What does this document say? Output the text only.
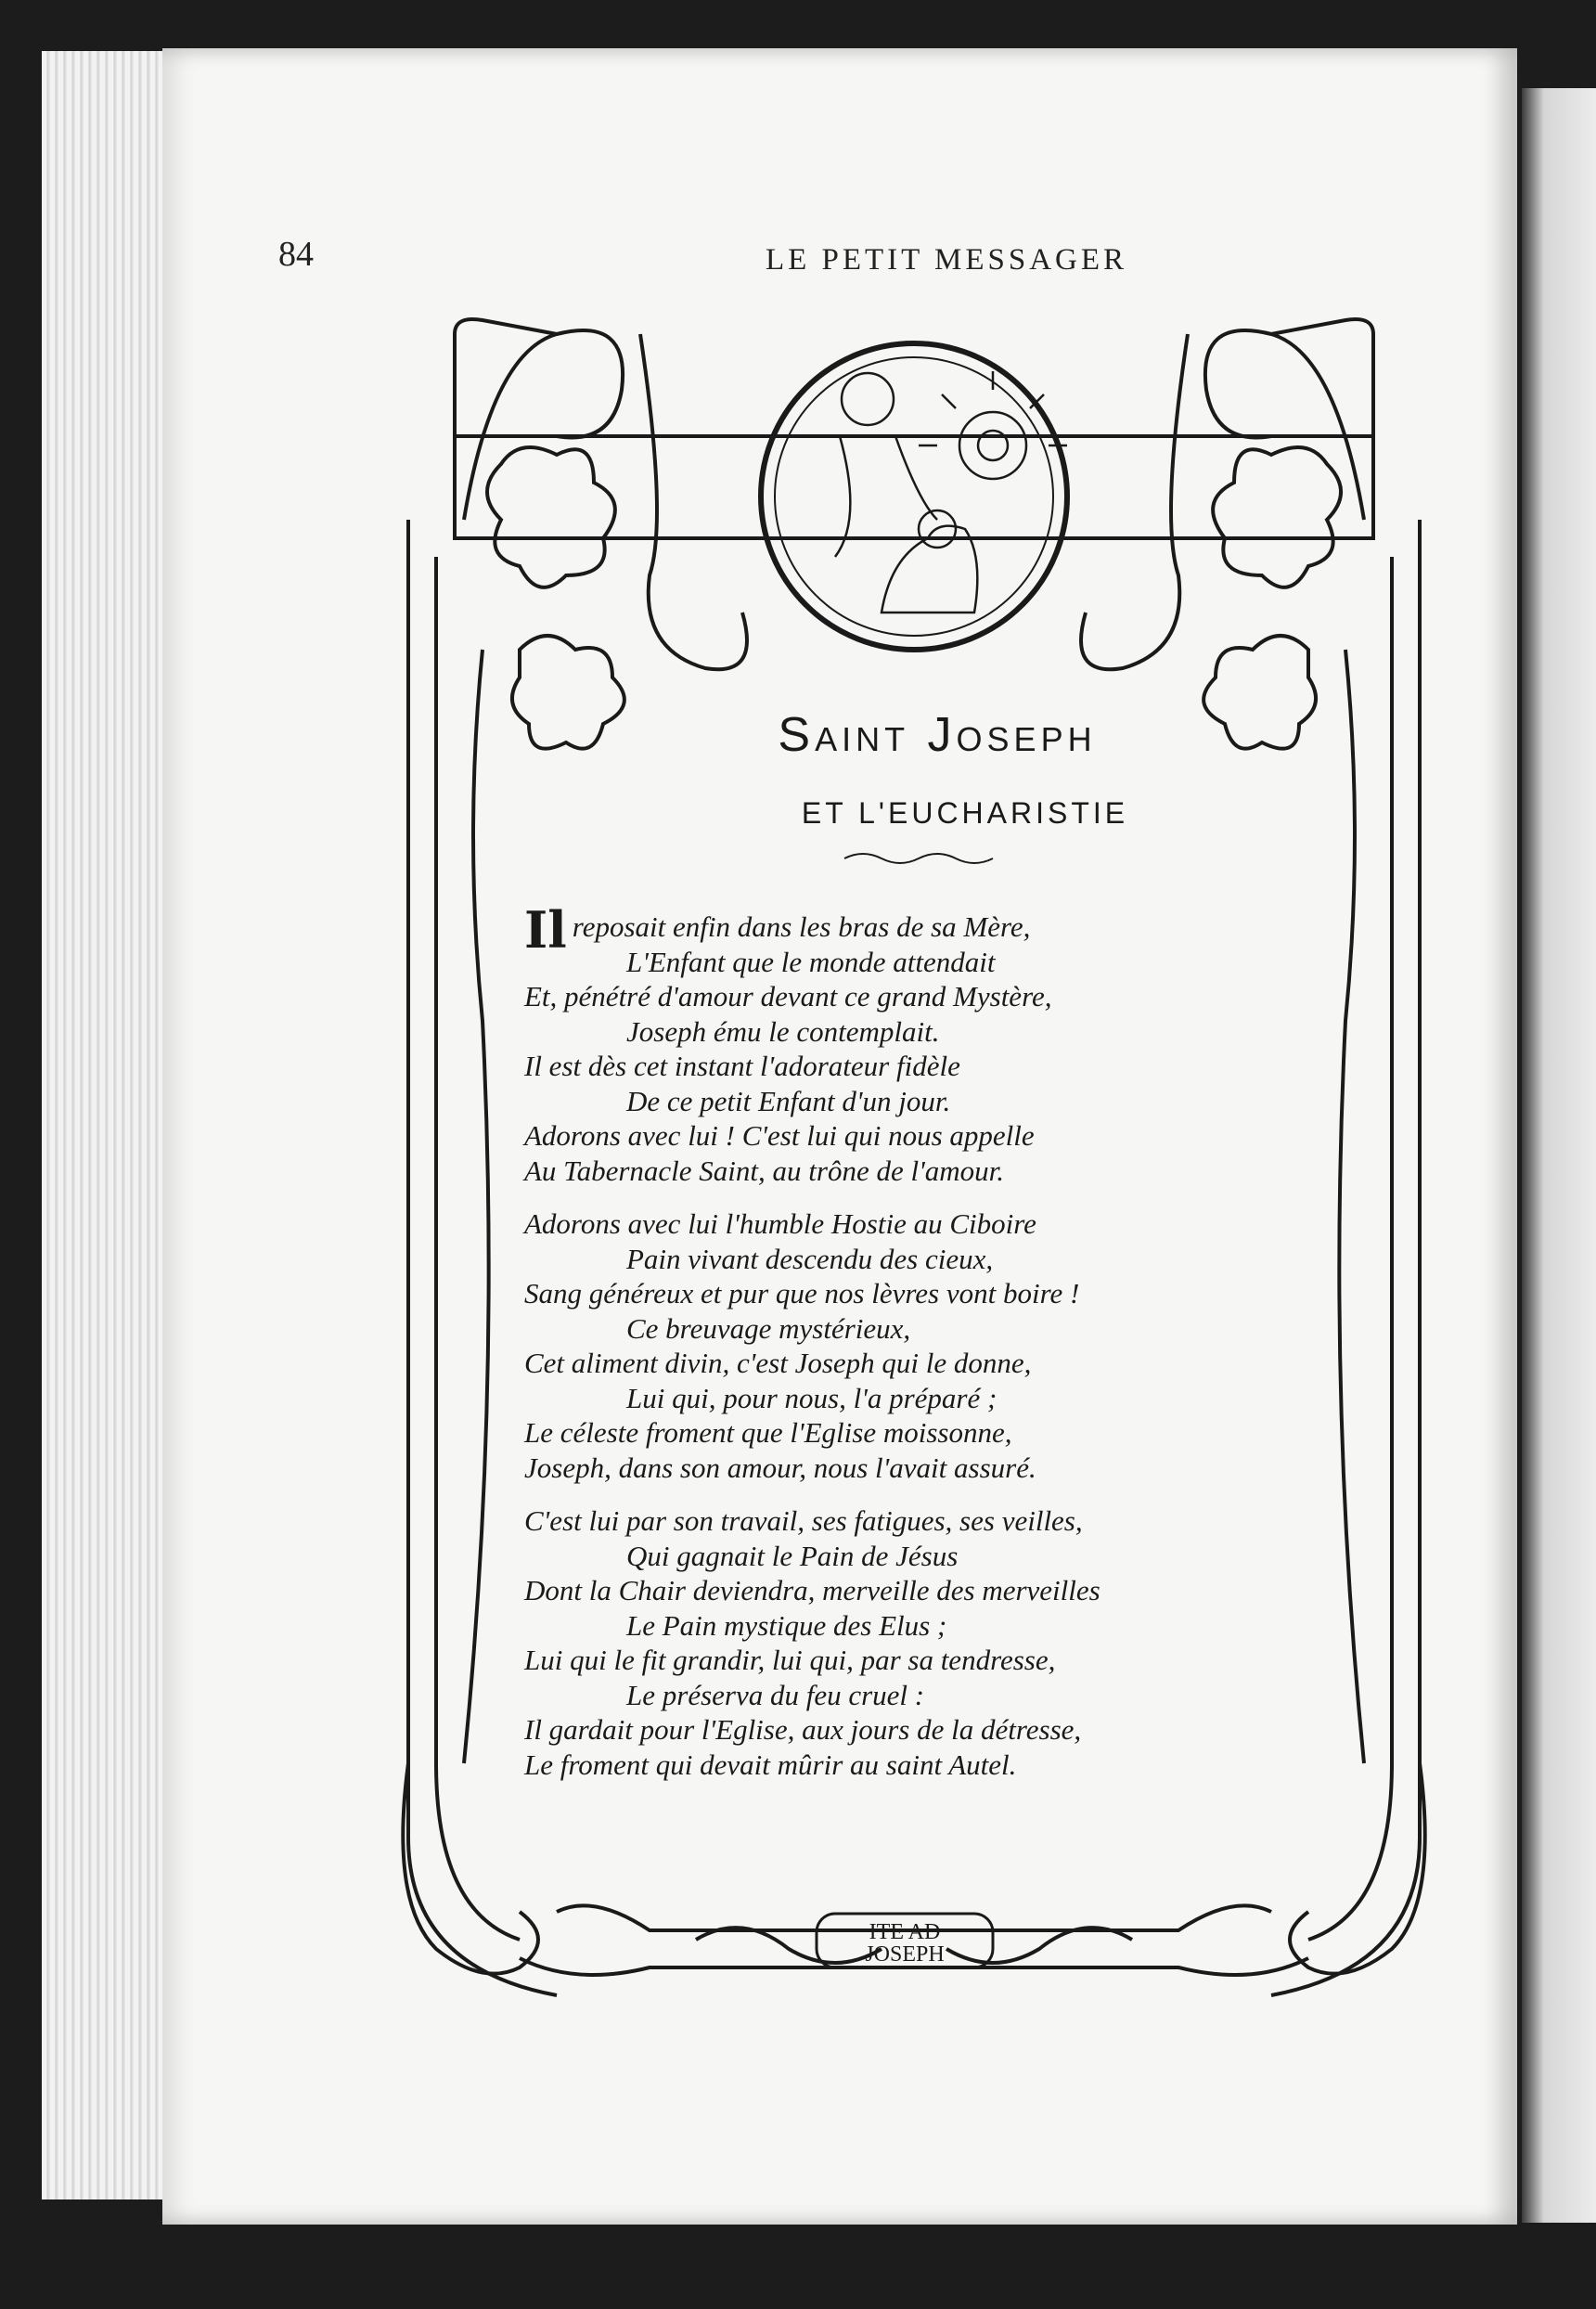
84	LE PETIT MESSAGER
Saint Joseph
ET L'EUCHARISTIE
Il reposait enfin dans les bras de sa Mère,
L'Enfant que le monde attendait
Et, pénétré d'amour devant ce grand Mystère,
Joseph ému le contemplait.
Il est dès cet instant l'adorateur fidèle
De ce petit Enfant d'un jour.
Adorons avec lui ! C'est lui qui nous appelle
Au Tabernacle Saint, au trône de l'amour.
Adorons avec lui l'humble Hostie au Ciboire
Pain vivant descendu des cieux,
Sang généreux et pur que nos lèvres vont boire !
Ce breuvage mystérieux,
Cet aliment divin, c'est Joseph qui le donne,
Lui qui, pour nous, l'a préparé ;
Le céleste froment que l'Eglise moissonne,
Joseph, dans son amour, nous l'avait assuré.
C'est lui par son travail, ses fatigues, ses veilles,
Qui gagnait le Pain de Jésus
Dont la Chair deviendra, merveille des merveilles
Le Pain mystique des Elus ;
Lui qui le fit grandir, lui qui, par sa tendresse,
Le préserva du feu cruel :
Il gardait pour l'Eglise, aux jours de la détresse,
Le froment qui devait mûrir au saint Autel.
ITE AD
JOSEPH
